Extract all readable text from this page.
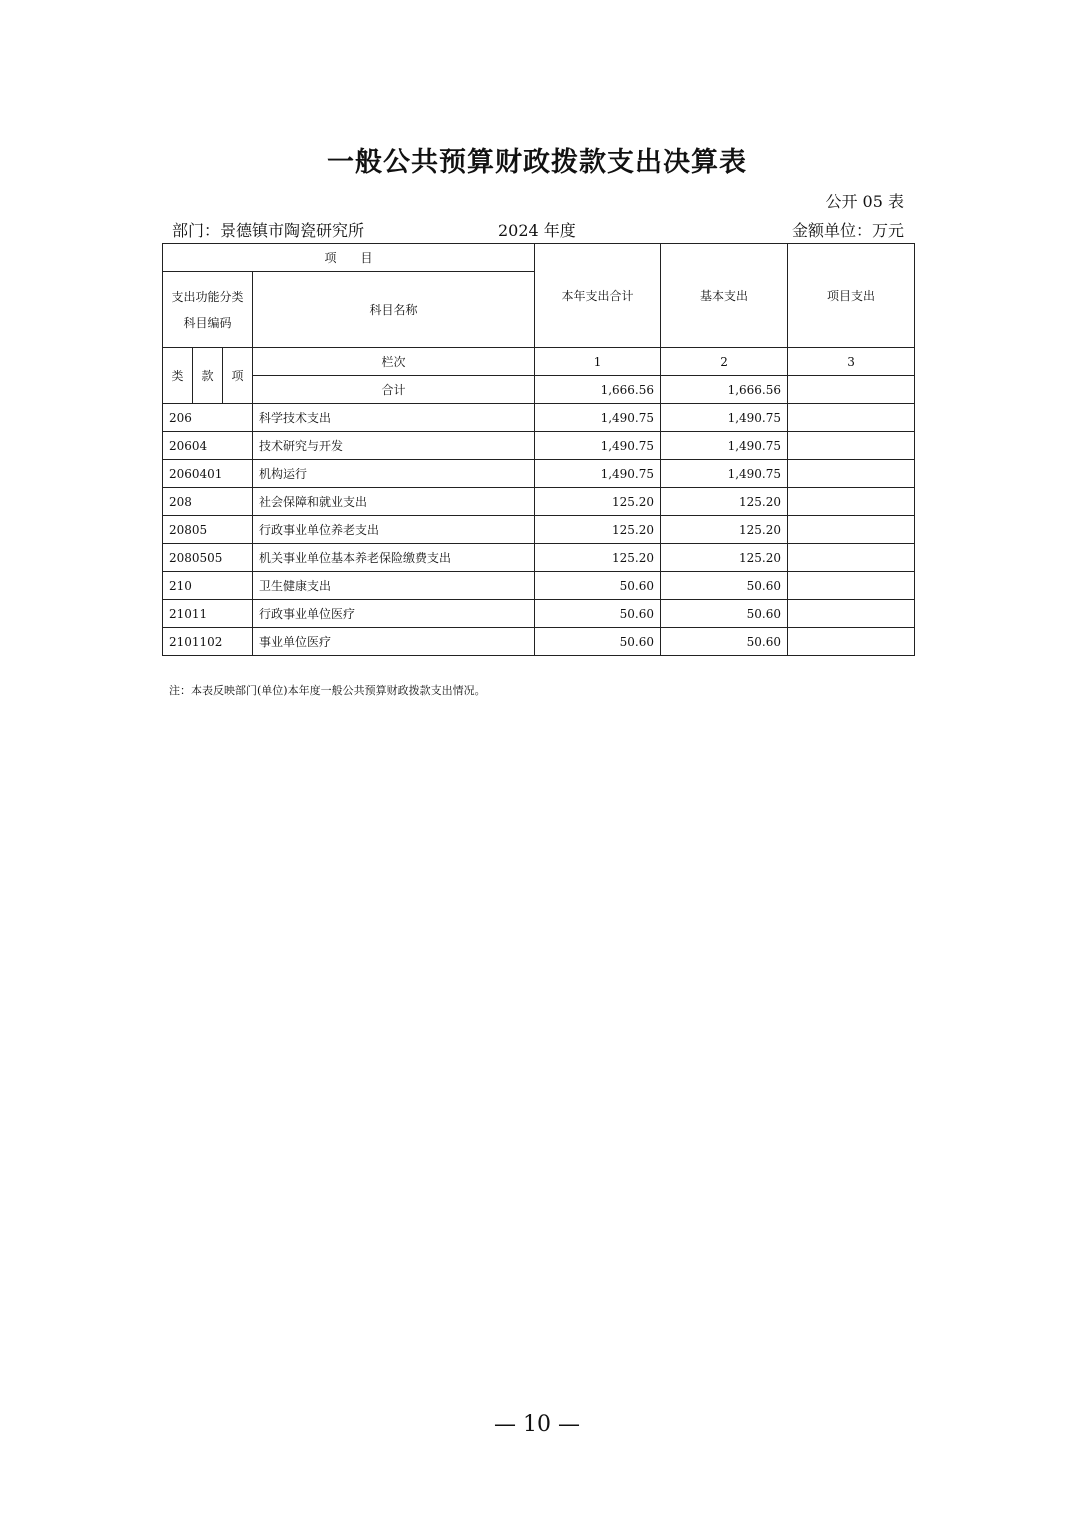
一般公共预算财政拨款支出决算表
公开 05 表
部门：景德镇市陶瓷研究所	2024 年度	金额单位：万元
项　　目				本年支出合计	基本支出	项目支出
支出功能分类科目编码			科目名称			
类	款	项	栏次	1	2	3
			合计	1,666.56	1,666.56	
206			科学技术支出	1,490.75	1,490.75	
20604			技术研究与开发	1,490.75	1,490.75	
2060401			机构运行	1,490.75	1,490.75	
208			社会保障和就业支出	125.20	125.20	
20805			行政事业单位养老支出	125.20	125.20	
2080505			机关事业单位基本养老保险缴费支出	125.20	125.20	
210			卫生健康支出	50.60	50.60	
21011			行政事业单位医疗	50.60	50.60	
2101102			事业单位医疗	50.60	50.60	
注：本表反映部门(单位)本年度一般公共预算财政拨款支出情况。
— 10 —
